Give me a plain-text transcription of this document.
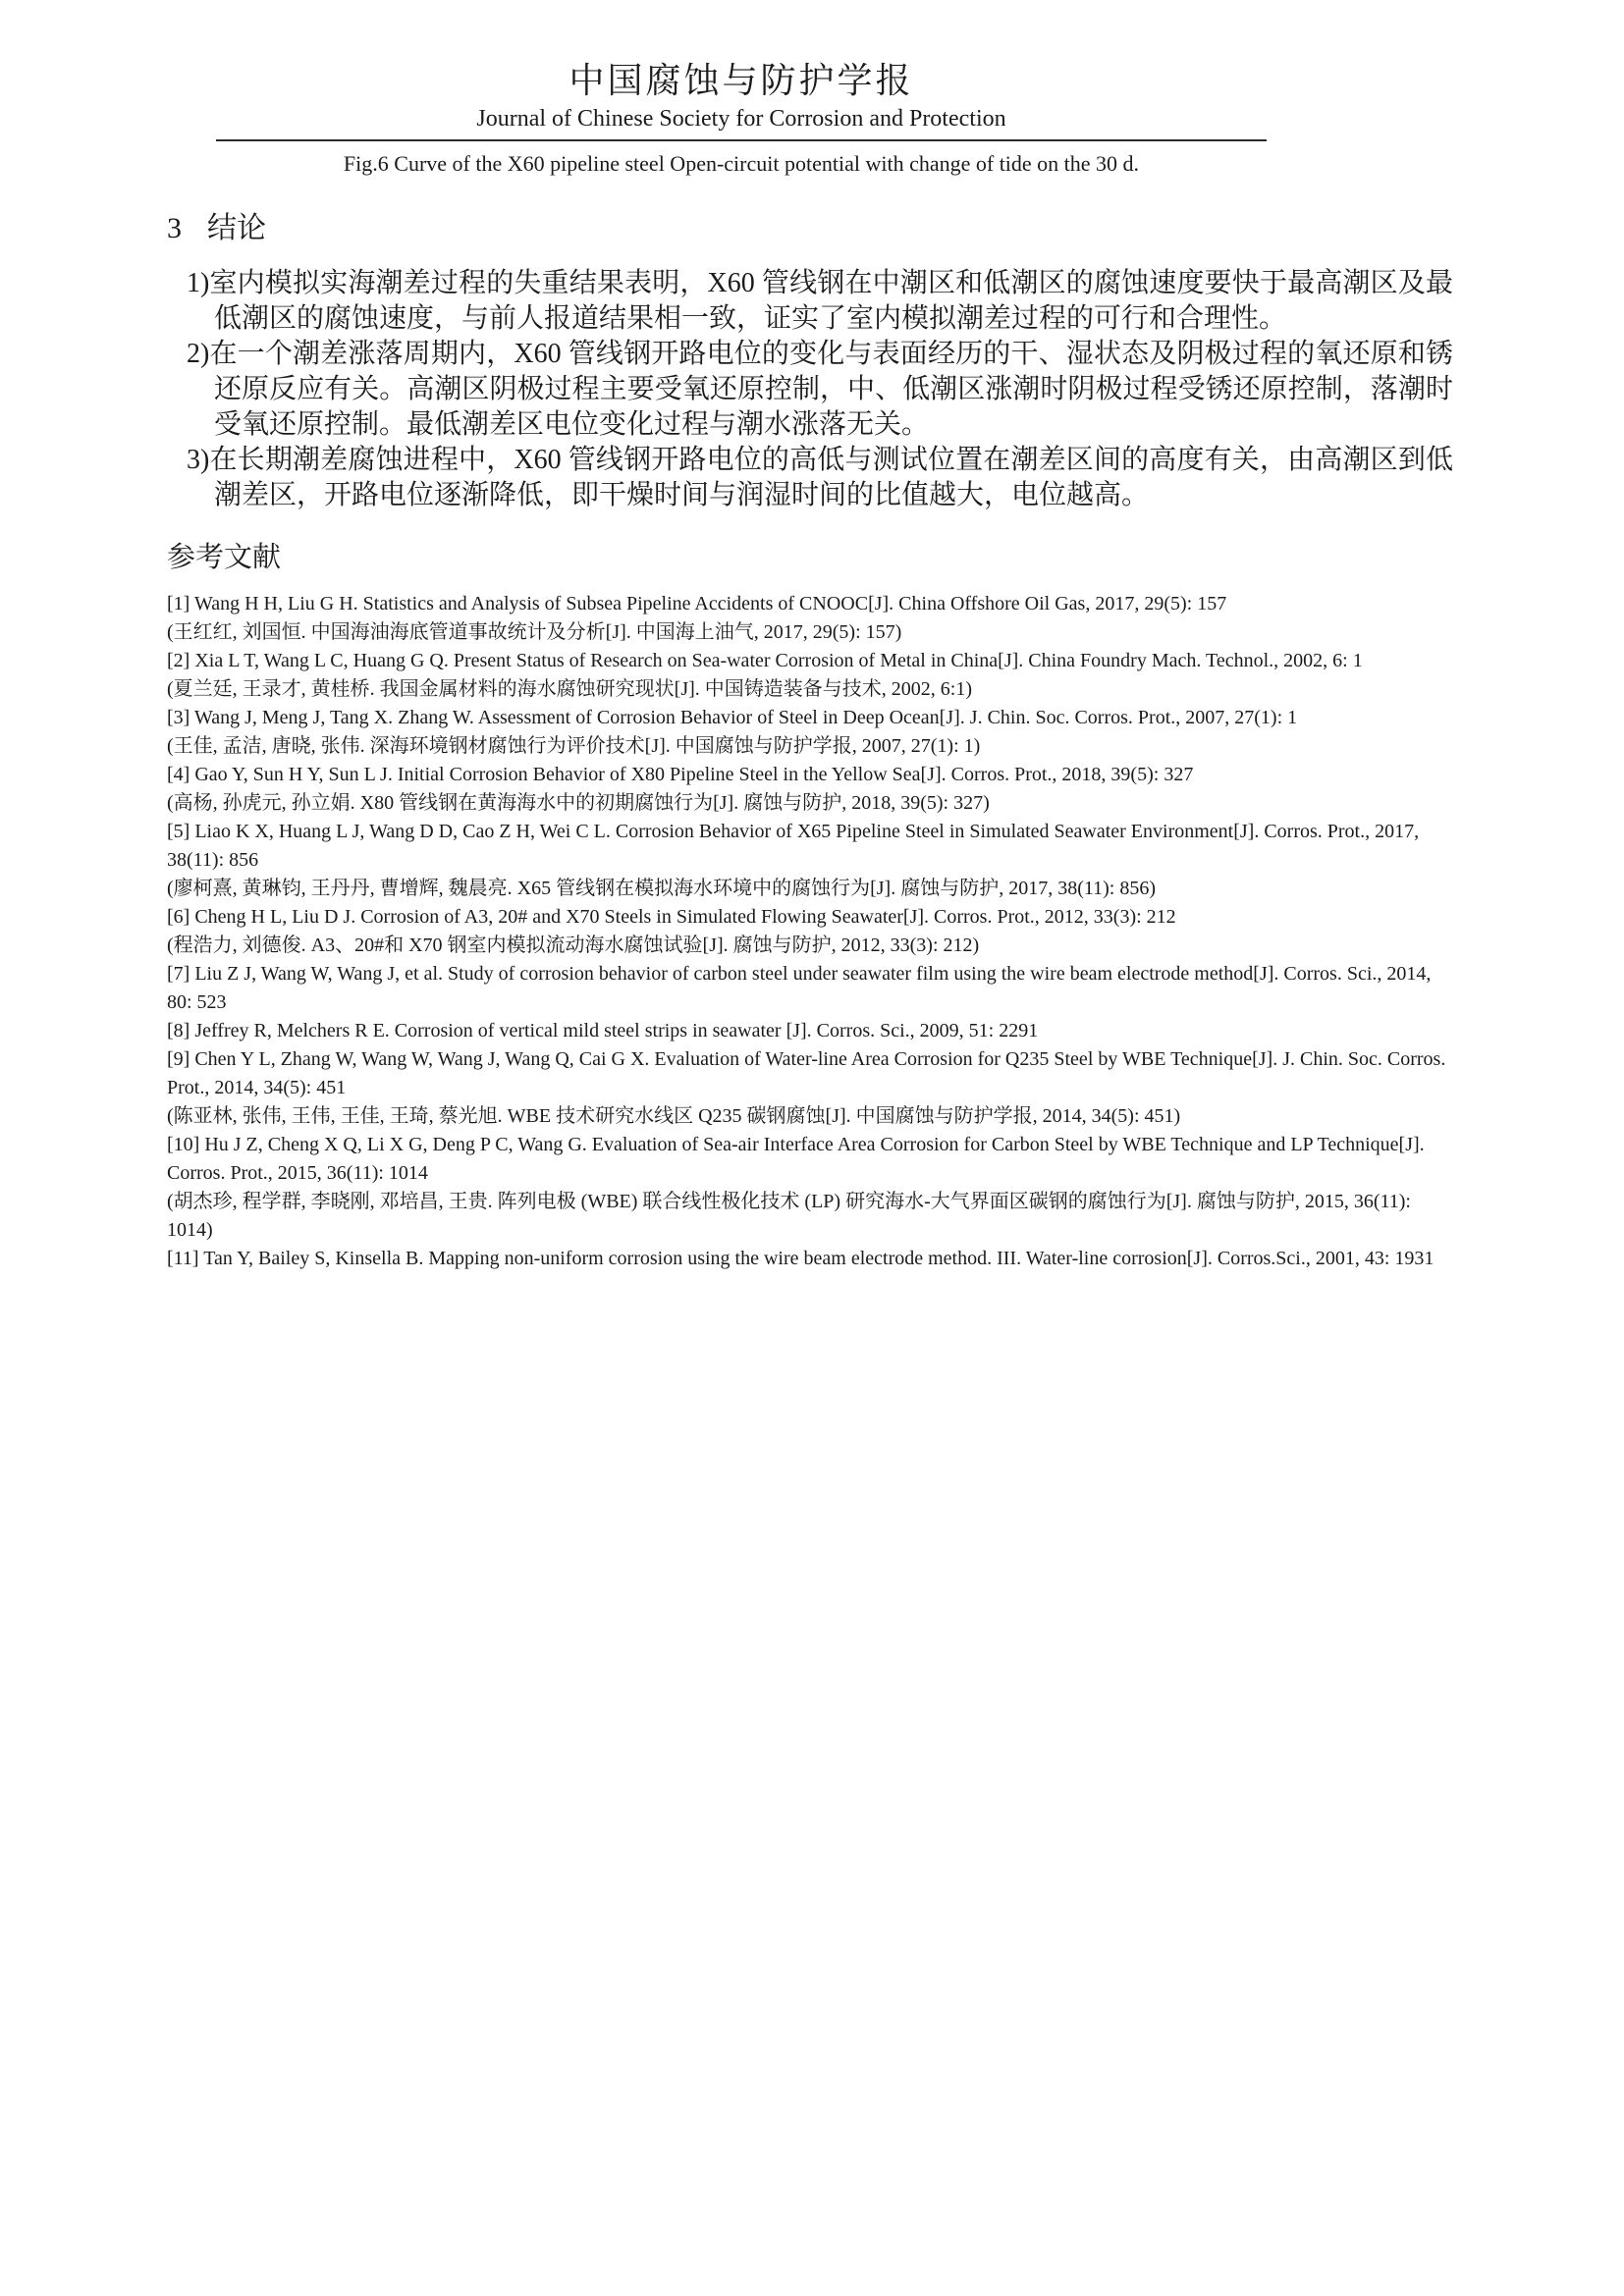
中国腐蚀与防护学报
Journal of Chinese Society for Corrosion and Protection
Fig.6 Curve of the X60 pipeline steel Open-circuit potential with change of tide on the 30 d.
3 结论

1)室内模拟实海潮差过程的失重结果表明，X60 管线钢在中潮区和低潮区的腐蚀速度要快于最高潮区及最低潮区的腐蚀速度，与前人报道结果相一致，证实了室内模拟潮差过程的可行和合理性。

2)在一个潮差涨落周期内，X60 管线钢开路电位的变化与表面经历的干、湿状态及阴极过程的氧还原和锈还原反应有关。高潮区阴极过程主要受氧还原控制，中、低潮区涨潮时阴极过程受锈还原控制，落潮时受氧还原控制。最低潮差区电位变化过程与潮水涨落无关。

3)在长期潮差腐蚀进程中，X60 管线钢开路电位的高低与测试位置在潮差区间的高度有关，由高潮区到低潮差区，开路电位逐渐降低，即干燥时间与润湿时间的比值越大，电位越高。

参考文献

[1] Wang H H, Liu G H. Statistics and Analysis of Subsea Pipeline Accidents of CNOOC[J]. China Offshore Oil Gas, 2017, 29(5): 157

(王红红, 刘国恒. 中国海油海底管道事故统计及分析[J]. 中国海上油气, 2017, 29(5): 157)

[2] Xia L T, Wang L C, Huang G Q. Present Status of Research on Sea-water Corrosion of Metal in China[J]. China Foundry Mach. Technol., 2002, 6: 1

(夏兰廷, 王录才, 黄桂桥. 我国金属材料的海水腐蚀研究现状[J]. 中国铸造装备与技术, 2002, 6:1)

[3] Wang J, Meng J, Tang X. Zhang W. Assessment of Corrosion Behavior of Steel in Deep Ocean[J]. J. Chin. Soc. Corros. Prot., 2007, 27(1): 1

(王佳, 孟洁, 唐晓, 张伟. 深海环境钢材腐蚀行为评价技术[J]. 中国腐蚀与防护学报, 2007, 27(1): 1)

[4] Gao Y, Sun H Y, Sun L J. Initial Corrosion Behavior of X80 Pipeline Steel in the Yellow Sea[J]. Corros. Prot., 2018, 39(5): 327

(高杨, 孙虎元, 孙立娟. X80 管线钢在黄海海水中的初期腐蚀行为[J]. 腐蚀与防护, 2018, 39(5): 327)

[5] Liao K X, Huang L J, Wang D D, Cao Z H, Wei C L. Corrosion Behavior of X65 Pipeline Steel in Simulated Seawater Environment[J]. Corros. Prot., 2017, 38(11): 856

(廖柯熹, 黄琳钧, 王丹丹, 曹增辉, 魏晨亮. X65 管线钢在模拟海水环境中的腐蚀行为[J]. 腐蚀与防护, 2017, 38(11): 856)

[6] Cheng H L, Liu D J. Corrosion of A3, 20# and X70 Steels in Simulated Flowing Seawater[J]. Corros. Prot., 2012, 33(3): 212

(程浩力, 刘德俊. A3、20#和 X70 钢室内模拟流动海水腐蚀试验[J]. 腐蚀与防护, 2012, 33(3): 212)

[7] Liu Z J, Wang W, Wang J, et al. Study of corrosion behavior of carbon steel under seawater film using the wire beam electrode method[J]. Corros. Sci., 2014, 80: 523

[8] Jeffrey R, Melchers R E. Corrosion of vertical mild steel strips in seawater [J]. Corros. Sci., 2009, 51: 2291

[9] Chen Y L, Zhang W, Wang W, Wang J, Wang Q, Cai G X. Evaluation of Water-line Area Corrosion for Q235 Steel by WBE Technique[J]. J. Chin. Soc. Corros. Prot., 2014, 34(5): 451

(陈亚林, 张伟, 王伟, 王佳, 王琦, 蔡光旭. WBE 技术研究水线区 Q235 碳钢腐蚀[J]. 中国腐蚀与防护学报, 2014, 34(5): 451)

[10] Hu J Z, Cheng X Q, Li X G, Deng P C, Wang G. Evaluation of Sea-air Interface Area Corrosion for Carbon Steel by WBE Technique and LP Technique[J]. Corros. Prot., 2015, 36(11): 1014

(胡杰珍, 程学群, 李晓刚, 邓培昌, 王贵. 阵列电极 (WBE) 联合线性极化技术 (LP) 研究海水-大气界面区碳钢的腐蚀行为[J]. 腐蚀与防护, 2015, 36(11): 1014)

[11] Tan Y, Bailey S, Kinsella B. Mapping non-uniform corrosion using the wire beam electrode method. III. Water-line corrosion[J]. Corros.Sci., 2001, 43: 1931
